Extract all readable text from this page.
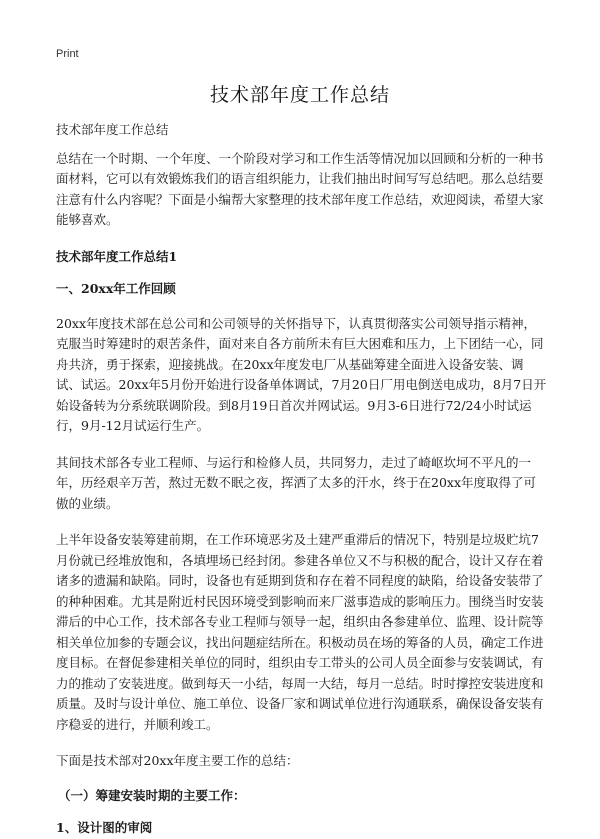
Print
技术部年度工作总结

技术部年度工作总结

总结在一个时期、一个年度、一个阶段对学习和工作生活等情况加以回顾和分析的一种书面材料，它可以有效锻炼我们的语言组织能力，让我们抽出时间写写总结吧。那么总结要注意有什么内容呢？下面是小编帮大家整理的技术部年度工作总结，欢迎阅读，希望大家能够喜欢。

技术部年度工作总结1

一、20xx年工作回顾

20xx年度技术部在总公司和公司领导的关怀指导下，认真贯彻落实公司领导指示精神，克服当时筹建时的艰苦条件，面对来自各方前所未有巨大困难和压力，上下团结一心，同舟共济，勇于探索，迎接挑战。在20xx年度发电厂从基础筹建全面进入设备安装、调试、试运。20xx年5月份开始进行设备单体调试，7月20日厂用电倒送电成功，8月7日开始设备转为分系统联调阶段。到8月19日首次并网试运。9月3-6日进行72/24小时试运行，9月-12月试运行生产。

其间技术部各专业工程师、与运行和检修人员，共同努力，走过了崎岖坎坷不平凡的一年，历经艰辛万苦，熬过无数不眠之夜，挥洒了太多的汗水，终于在20xx年度取得了可傲的业绩。

上半年设备安装筹建前期，在工作环境恶劣及土建严重滞后的情况下，特别是垃圾贮坑7月份就已经堆放饱和，各填埋场已经封闭。参建各单位又不与积极的配合，设计又存在着诸多的遗漏和缺陷。同时，设备也有延期到货和存在着不同程度的缺陷，给设备安装带了的种种困难。尤其是附近村民因环境受到影响而来厂滋事造成的影响压力。围绕当时安装滞后的中心工作，技术部各专业工程师与领导一起，组织由各参建单位、监理、设计院等相关单位加参的专题会议，找出问题症结所在。积极动员在场的筹备的人员，确定工作进度目标。在督促参建相关单位的同时，组织由专工带头的公司人员全面参与安装调试，有力的推动了安装进度。做到每天一小结，每周一大结，每月一总结。时时撑控安装进度和质量。及时与设计单位、施工单位、设备厂家和调试单位进行沟通联系，确保设备安装有序稳妥的进行，并顺利竣工。

下面是技术部对20xx年度主要工作的总结：

（一）筹建安装时期的主要工作：

1、设计图的审阅
